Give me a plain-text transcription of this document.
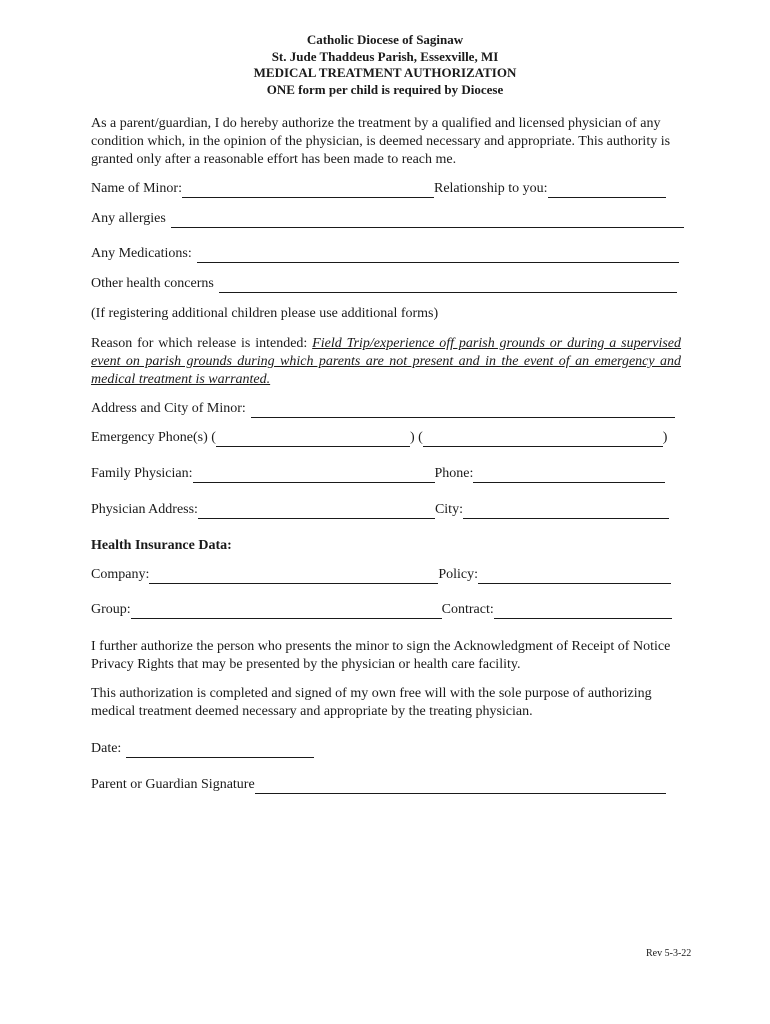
Catholic Diocese of Saginaw
St. Jude Thaddeus Parish, Essexville, MI
MEDICAL TREATMENT AUTHORIZATION
ONE form per child is required by Diocese
As a parent/guardian, I do hereby authorize the treatment by a qualified and licensed physician of any condition which, in the opinion of the physician, is deemed necessary and appropriate. This authority is granted only after a reasonable effort has been made to reach me.
Name of Minor:	Relationship to you:
Any allergies
Any Medications:
Other health concerns
(If registering additional children please use additional forms)
Reason for which release is intended: Field Trip/experience off parish grounds or during a supervised event on parish grounds during which parents are not present and in the event of an emergency and medical treatment is warranted.
Address and City of Minor:
Emergency Phone(s) (	) (	)
Family Physician:	Phone:
Physician Address:	City:
Health Insurance Data:
Company:	Policy:
Group:	Contract:
I further authorize the person who presents the minor to sign the Acknowledgment of Receipt of Notice Privacy Rights that may be presented by the physician or health care facility.
This authorization is completed and signed of my own free will with the sole purpose of authorizing medical treatment deemed necessary and appropriate by the treating physician.
Date:
Parent or Guardian Signature
Rev 5-3-22
